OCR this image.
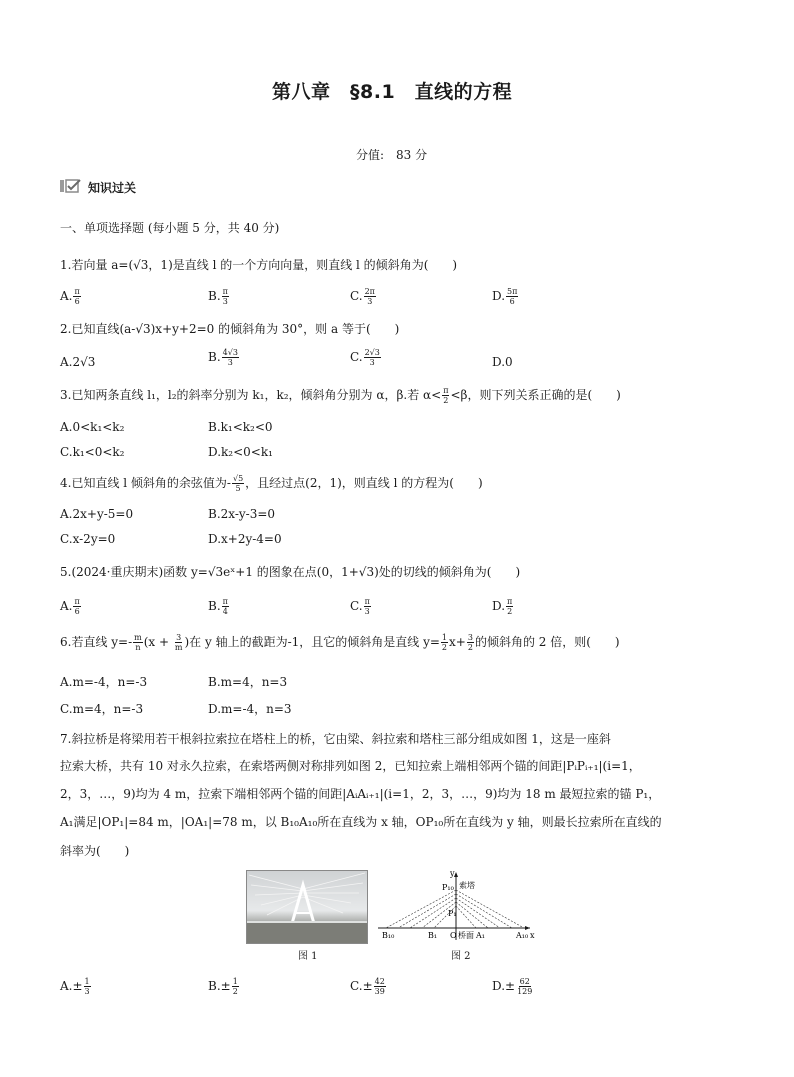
第八章　§8.1　直线的方程
分值:　83 分
知识过关
一、单项选择题 (每小题 5 分，共 40 分)
1.若向量 a=(√3，1)是直线 l 的一个方向向量，则直线 l 的倾斜角为(　　)
A. $\frac{\pi}{6}$	B. $\frac{\pi}{3}$	C. $\frac{2\pi}{3}$	D. $\frac{5\pi}{6}$
2.已知直线(a-√3)x+y+2=0 的倾斜角为 30°，则 a 等于(　　)
A.2√3	B. $\frac{4√3}{3}$	C. $\frac{2√3}{3}$	D.0
3.已知两条直线 l₁，l₂的斜率分别为 k₁，k₂，倾斜角分别为 α，β.若 $\alpha< \frac{\pi}{2} <\beta$，则下列关系正确的是(　　)
A.0<k₁<k₂	B.k₁<k₂<0
C.k₁<0<k₂	D.k₂<0<k₁
4.已知直线 l 倾斜角的余弦值为- $\frac{√5}{5}$ ，且经过点(2，1)，则直线 l 的方程为(　　)
A.2x+y-5=0	B.2x-y-3=0
C.x-2y=0	D.x+2y-4=0
5.(2024·重庆期末)函数 y=√3eˣ+1 的图象在点(0，1+√3)处的切线的倾斜角为(　　)
A. $\frac{\pi}{6}$	B. $\frac{\pi}{4}$	C. $\frac{\pi}{3}$	D. $\frac{\pi}{2}$
6.若直线 $y=- \frac{m}{n} (x + \frac{3}{m}$ )在 y 轴上的截距为-1，且它的倾斜角是直线 $y= \frac{1}{2} x+ \frac{3}{2}$ 的倾斜角的 2 倍，则(　　)
A.m=-4，n=-3	B.m=4，n=3
C.m=4，n=-3	D.m=-4，n=3
7.斜拉桥是将梁用若干根斜拉索拉在塔柱上的桥，它由梁、斜拉索和塔柱三部分组成如图 1，这是一座斜
拉索大桥，共有 10 对永久拉索，在索塔两侧对称排列如图 2，已知拉索上端相邻两个锚的间距|PᵢPᵢ₊₁|(i=1，
2，3，…，9)均为 4 m，拉索下端相邻两个锚的间距|AᵢAᵢ₊₁|(i=1，2，3，…，9)均为 18 m 最短拉索的锚 P₁，
A₁满足|OP₁|=84 m，|OA₁|=78 m，以 B₁₀A₁₀所在直线为 x 轴，OP₁₀所在直线为 y 轴，则最长拉索所在直线的
斜率为(　　)
图 1
y
P₁₀ 索塔
P₁
B₁₀	B₁ O 桥面 A₁	A₁₀ x
图 2
$A.\pm \frac{1}{3}$	$B.\pm \frac{1}{2}$	$C.\pm \frac{42}{39}$	$D.\pm \frac{62}{129}$
